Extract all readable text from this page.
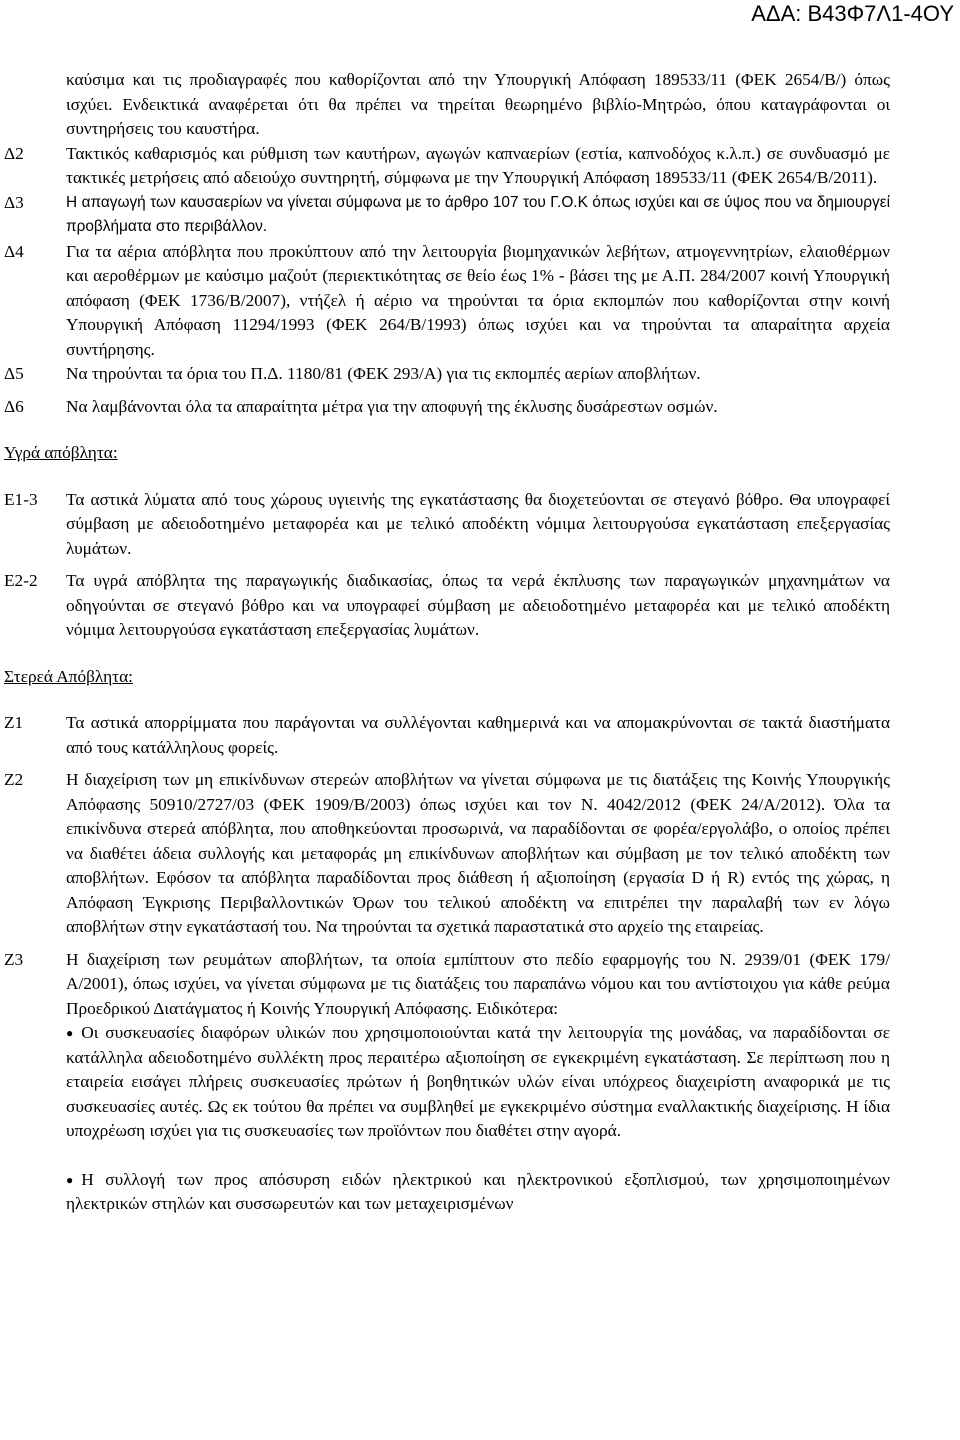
ΑΔΑ: Β43Φ7Λ1-4ΟΥ
καύσιμα και τις προδιαγραφές που καθορίζονται από την Υπουργική Απόφαση 189533/11 (ΦΕΚ 2654/Β/) όπως ισχύει. Ενδεικτικά αναφέρεται ότι θα πρέπει να τηρείται θεωρημένο βιβλίο-Μητρώο, όπου καταγράφονται οι συντηρήσεις του καυστήρα.
Δ2	Τακτικός καθαρισμός και ρύθμιση των καυτήρων, αγωγών καπναερίων (εστία, καπνοδόχος κ.λ.π.) σε συνδυασμό με τακτικές μετρήσεις από αδειούχο συντηρητή, σύμφωνα με την Υπουργική Απόφαση 189533/11 (ΦΕΚ 2654/Β/2011).
Δ3	Η απαγωγή των καυσαερίων να γίνεται σύμφωνα με το άρθρο 107 του Γ.Ο.Κ όπως ισχύει και σε ύψος που να δημιουργεί προβλήματα στο περιβάλλον.
Δ4	Για τα αέρια απόβλητα που προκύπτουν από την λειτουργία βιομηχανικών λεβήτων, ατμογεννητρίων, ελαιοθέρμων και αεροθέρμων με καύσιμο μαζούτ (περιεκτικότητας σε θείο έως 1% - βάσει της με Α.Π. 284/2007 κοινή Υπουργική απόφαση (ΦΕΚ 1736/Β/2007), ντήζελ ή αέριο να τηρούνται τα όρια εκπομπών που καθορίζονται στην κοινή Υπουργική Απόφαση 11294/1993 (ΦΕΚ 264/Β/1993) όπως ισχύει και να τηρούνται τα απαραίτητα αρχεία συντήρησης.
Δ5	Να τηρούνται τα όρια του Π.Δ. 1180/81 (ΦΕΚ 293/Α) για τις εκπομπές αερίων αποβλήτων.
Δ6	Να λαμβάνονται όλα τα απαραίτητα μέτρα για την αποφυγή της έκλυσης δυσάρεστων οσμών.
Υγρά απόβλητα:
Ε1-3	Τα αστικά λύματα από τους χώρους υγιεινής της εγκατάστασης θα διοχετεύονται σε στεγανό βόθρο. Θα υπογραφεί σύμβαση με αδειοδοτημένο μεταφορέα και με τελικό αποδέκτη νόμιμα λειτουργούσα εγκατάσταση επεξεργασίας λυμάτων.
Ε2-2	Τα υγρά απόβλητα της παραγωγικής διαδικασίας, όπως τα νερά έκπλυσης των παραγωγικών μηχανημάτων να οδηγούνται σε στεγανό βόθρο και να υπογραφεί σύμβαση με αδειοδοτημένο μεταφορέα και με τελικό αποδέκτη νόμιμα λειτουργούσα εγκατάσταση επεξεργασίας λυμάτων.
Στερεά Απόβλητα:
Ζ1	Τα αστικά απορρίμματα που παράγονται να συλλέγονται καθημερινά και να απομακρύνονται σε τακτά διαστήματα από τους κατάλληλους φορείς.
Ζ2	Η διαχείριση των μη επικίνδυνων στερεών αποβλήτων να γίνεται σύμφωνα με τις διατάξεις της Κοινής Υπουργικής Απόφασης 50910/2727/03 (ΦΕΚ 1909/Β/2003) όπως ισχύει και τον Ν. 4042/2012 (ΦΕΚ 24/Α/2012). Όλα τα επικίνδυνα στερεά απόβλητα, που αποθηκεύονται προσωρινά, να παραδίδονται σε φορέα/εργολάβο, ο οποίος πρέπει να διαθέτει άδεια συλλογής και μεταφοράς μη επικίνδυνων αποβλήτων και σύμβαση με τον τελικό αποδέκτη των αποβλήτων. Εφόσον τα απόβλητα παραδίδονται προς διάθεση ή αξιοποίηση (εργασία D ή R) εντός της χώρας, η Απόφαση Έγκρισης Περιβαλλοντικών Όρων του τελικού αποδέκτη να επιτρέπει την παραλαβή των εν λόγω αποβλήτων στην εγκατάστασή του. Να τηρούνται τα σχετικά παραστατικά στο αρχείο της εταιρείας.
Ζ3	Η διαχείριση των ρευμάτων αποβλήτων, τα οποία εμπίπτουν στο πεδίο εφαρμογής του Ν. 2939/01 (ΦΕΚ 179/Α/2001), όπως ισχύει, να γίνεται σύμφωνα με τις διατάξεις του παραπάνω νόμου και του αντίστοιχου για κάθε ρεύμα Προεδρικού Διατάγματος ή Κοινής Υπουργική Απόφασης. Ειδικότερα:
● Οι συσκευασίες διαφόρων υλικών που χρησιμοποιούνται κατά την λειτουργία της μονάδας, να παραδίδονται σε κατάλληλα αδειοδοτημένο συλλέκτη προς περαιτέρω αξιοποίηση σε εγκεκριμένη εγκατάσταση. Σε περίπτωση που η εταιρεία εισάγει πλήρεις συσκευασίες πρώτων ή βοηθητικών υλών είναι υπόχρεος διαχειρίστη αναφορικά με τις συσκευασίες αυτές. Ως εκ τούτου θα πρέπει να συμβληθεί με εγκεκριμένο σύστημα εναλλακτικής διαχείρισης. Η ίδια υποχρέωση ισχύει για τις συσκευασίες των προϊόντων που διαθέτει στην αγορά.
● Η συλλογή των προς απόσυρση ειδών ηλεκτρικού και ηλεκτρονικού εξοπλισμού, των χρησιμοποιημένων ηλεκτρικών στηλών και συσσωρευτών και των μεταχειρισμένων
